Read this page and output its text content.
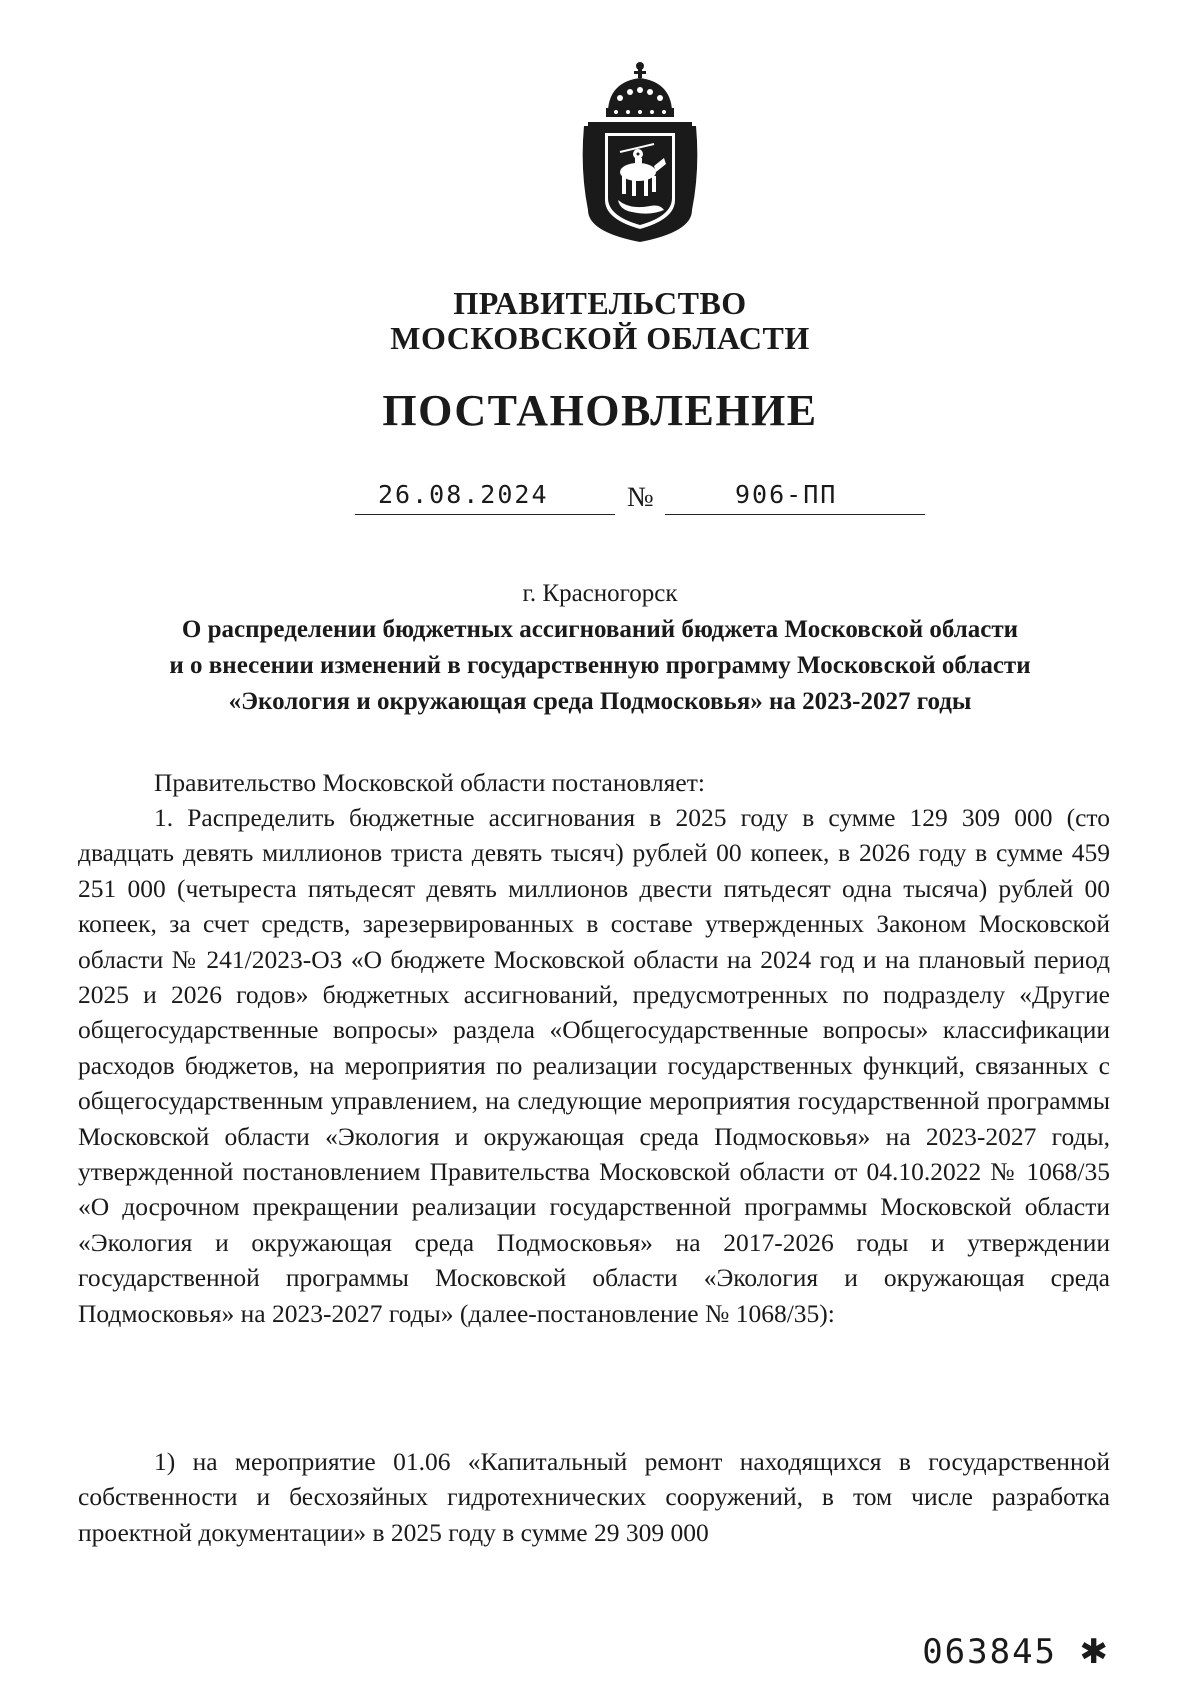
ПРАВИТЕЛЬСТВО
МОСКОВСКОЙ ОБЛАСТИ
ПОСТАНОВЛЕНИЕ
26.08.2024	№	906-ПП
г. Красногорск
О распределении бюджетных ассигнований бюджета Московской области
и о внесении изменений в государственную программу Московской области
«Экология и окружающая среда Подмосковья» на 2023-2027 годы

Правительство Московской области постановляет:

1. Распределить бюджетные ассигнования в 2025 году в сумме 129 309 000 (сто двадцать девять миллионов триста девять тысяч) рублей 00 копеек, в 2026 году в сумме 459 251 000 (четыреста пятьдесят девять миллионов двести пятьдесят одна тысяча) рублей 00 копеек, за счет средств, зарезервированных в составе утвержденных Законом Московской области № 241/2023-ОЗ «О бюджете Московской области на 2024 год и на плановый период 2025 и 2026 годов» бюджетных ассигнований, предусмотренных по подразделу «Другие общегосударственные вопросы» раздела «Общегосударственные вопросы» классификации расходов бюджетов, на мероприятия по реализации государственных функций, связанных с общегосударственным управлением, на следующие мероприятия государственной программы Московской области «Экология и окружающая среда Подмосковья» на 2023-2027 годы, утвержденной постановлением Правительства Московской области от 04.10.2022 № 1068/35 «О досрочном прекращении реализации государственной программы Московской области «Экология и окружающая среда Подмосковья» на 2017-2026 годы и утверждении государственной программы Московской области «Экология и окружающая среда Подмосковья» на 2023-2027 годы» (далее-постановление № 1068/35):

1) на мероприятие 01.06 «Капитальный ремонт находящихся в государственной собственности и бесхозяйных гидротехнических сооружений, в том числе разработка проектной документации» в 2025 году в сумме 29 309 000

063845 ✱
